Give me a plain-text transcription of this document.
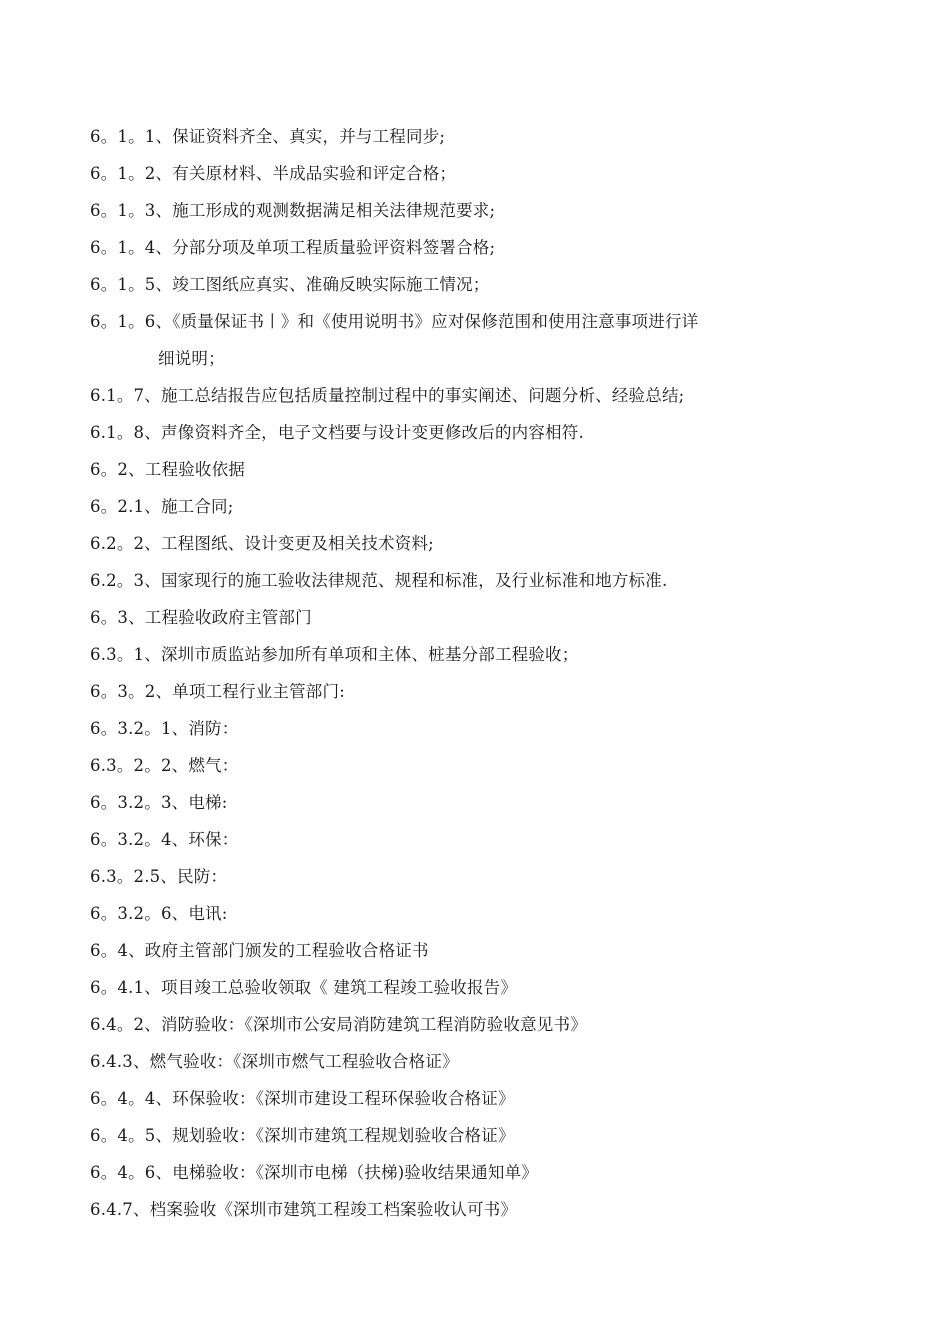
6。1。1、保证资料齐全、真实，并与工程同步;
6。1。2、有关原材料、半成品实验和评定合格；
6。1。3、施工形成的观测数据满足相关法律规范要求;
6。1。4、分部分项及单项工程质量验评资料签署合格;
6。1。5、竣工图纸应真实、准确反映实际施工情况；
6。1。6、《质量保证书丨》和《使用说明书》应对保修范围和使用注意事项进行详
细说明；
6.1。7、施工总结报告应包括质量控制过程中的事实阐述、问题分析、经验总结;
6.1。8、声像资料齐全，电子文档要与设计变更修改后的内容相符.
6。2、工程验收依据
6。2.1、施工合同;
6.2。2、工程图纸、设计变更及相关技术资料;
6.2。3、国家现行的施工验收法律规范、规程和标准，及行业标准和地方标准.
6。3、工程验收政府主管部门
6.3。1、深圳市质监站参加所有单项和主体、桩基分部工程验收；
6。3。2、单项工程行业主管部门:
6。3.2。1、消防：
6.3。2。2、燃气：
6。3.2。3、电梯:
6。3.2。4、环保：
6.3。2.5、民防：
6。3.2。6、电讯:
6。4、政府主管部门颁发的工程验收合格证书
6。4.1、项目竣工总验收领取《 建筑工程竣工验收报告》
6.4。2、消防验收：《深圳市公安局消防建筑工程消防验收意见书》
6.4.3、燃气验收：《深圳市燃气工程验收合格证》
6。4。4、环保验收：《深圳市建设工程环保验收合格证》
6。4。5、规划验收：《深圳市建筑工程规划验收合格证》
6。4。6、电梯验收：《深圳市电梯（扶梯)验收结果通知单》
6.4.7、档案验收《深圳市建筑工程竣工档案验收认可书》
